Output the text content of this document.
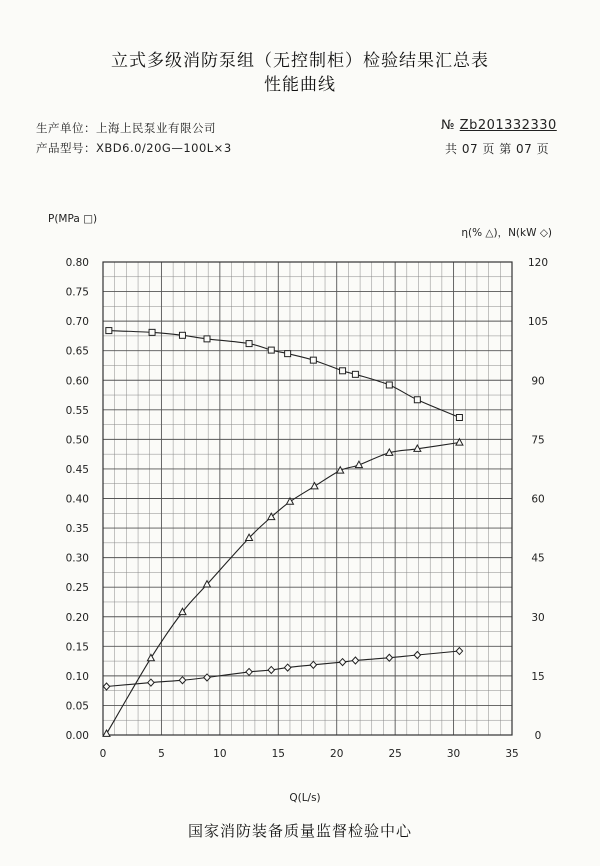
立式多级消防泵组（无控制柜）检验结果汇总表
性能曲线
生产单位：上海上民泵业有限公司
产品型号：XBD6.0/20G—100L×3
№ Zb201332330
共 07 页 第 07 页
0	5	10	15	20	25	30	35
0.00
0.05
0.10
0.15
0.20
0.25
0.30
0.35
0.40
0.45
0.50
0.55
0.60
0.65
0.70
0.75
0.80
0
15
30
45
60
75
90
105
120
P(MPa □)
η(% △)，N(kW ◇)
Q(L/s)
国家消防装备质量监督检验中心
